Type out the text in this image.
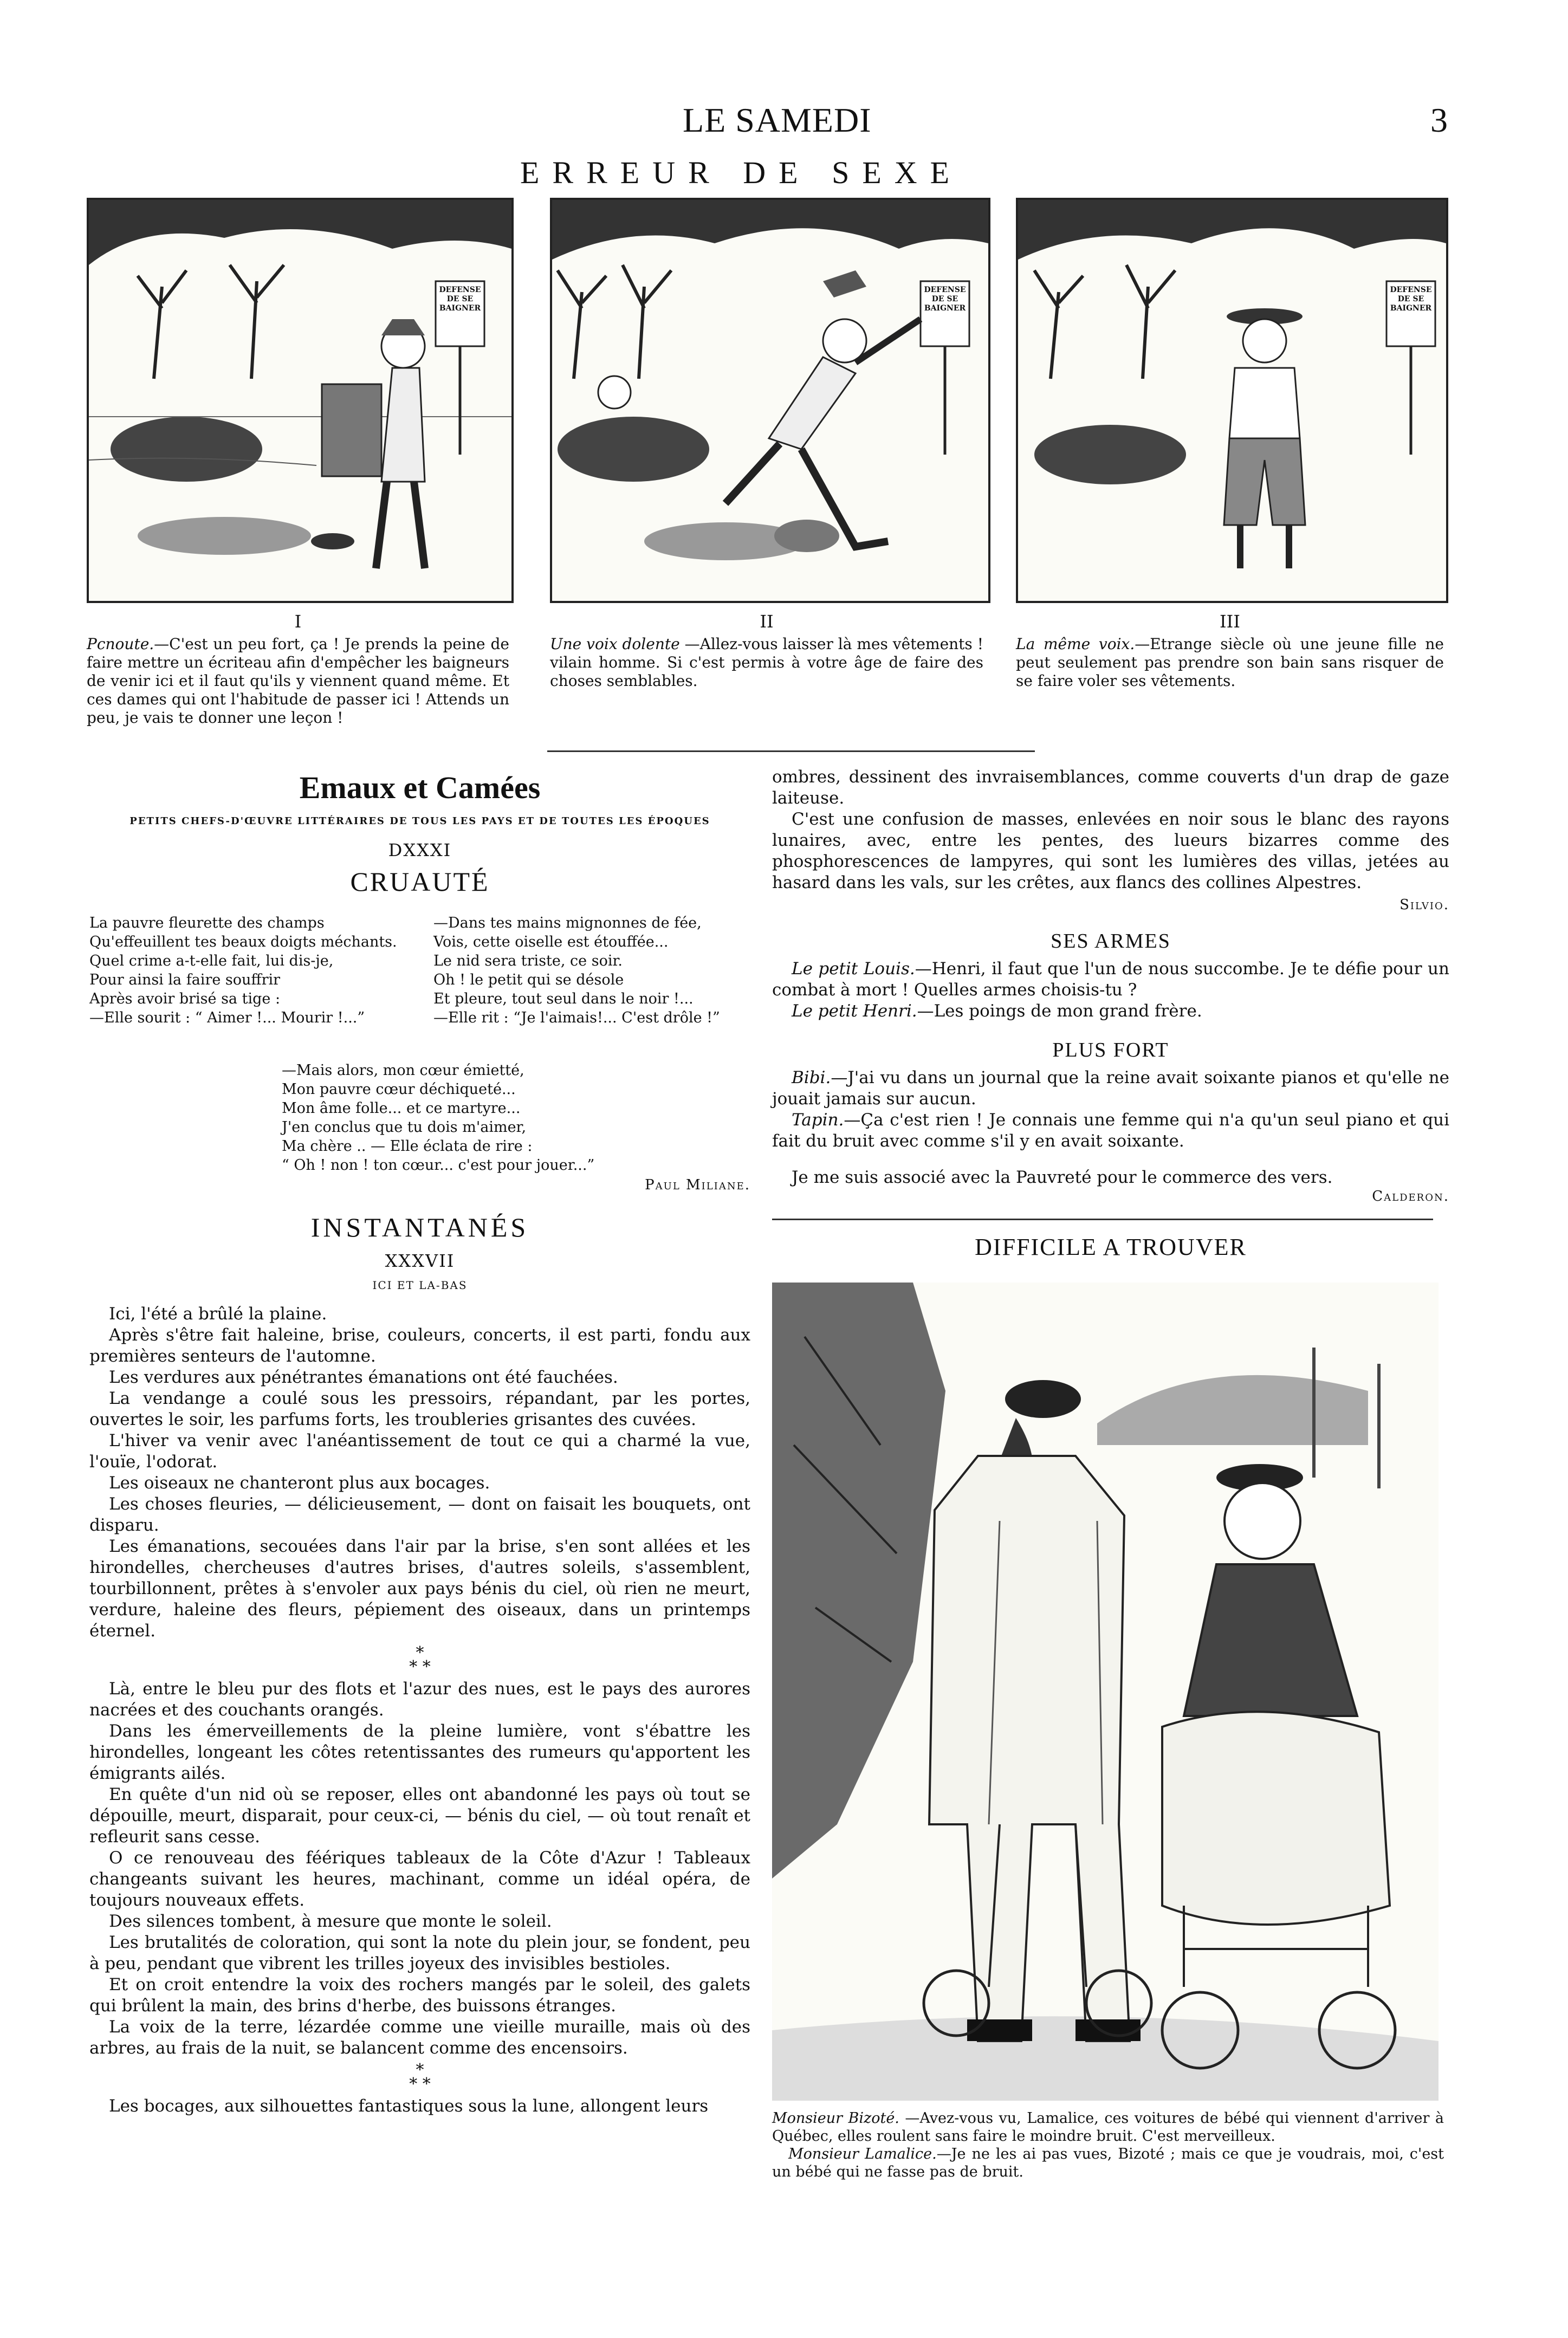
LE SAMEDI	3
ERREUR DE SEXE
DEFENSE DE SE BAIGNER
DEFENSE DE SE BAIGNER
DEFENSE DE SE BAIGNER
I
Pcnoute.—C'est un peu fort, ça ! Je prends la peine de faire mettre un écriteau afin d'empêcher les baigneurs de venir ici et il faut qu'ils y viennent quand même. Et ces dames qui ont l'habitude de passer ici ! Attends un peu, je vais te donner une leçon !
II
Une voix dolente —Allez-vous laisser là mes vêtements ! vilain homme. Si c'est permis à votre âge de faire des choses semblables.
III
La même voix.—Etrange siècle où une jeune fille ne peut seulement pas prendre son bain sans risquer de se faire voler ses vêtements.
Emaux et Camées
PETITS CHEFS-D'ŒUVRE LITTÉRAIRES DE TOUS LES PAYS ET DE TOUTES LES ÉPOQUES
DXXXI
CRUAUTÉ
La pauvre fleurette des champs
Qu'effeuillent tes beaux doigts méchants.
Quel crime a-t-elle fait, lui dis-je,
Pour ainsi la faire souffrir
Après avoir brisé sa tige :
—Elle sourit : “ Aimer !... Mourir !...”
—Dans tes mains mignonnes de fée,
Vois, cette oiselle est étouffée...
Le nid sera triste, ce soir.
Oh ! le petit qui se désole
Et pleure, tout seul dans le noir !...
—Elle rit : “Je l'aimais!... C'est drôle !”
—Mais alors, mon cœur émietté,
Mon pauvre cœur déchiqueté...
Mon âme folle... et ce martyre...
J'en conclus que tu dois m'aimer,
Ma chère .. — Elle éclata de rire :
“ Oh ! non ! ton cœur... c'est pour jouer...”
Paul Miliane.
INSTANTANÉS
XXXVII
ICI ET LA-BAS

Ici, l'été a brûlé la plaine.

Après s'être fait haleine, brise, couleurs, concerts, il est parti, fondu aux premières senteurs de l'automne.

Les verdures aux pénétrantes émanations ont été fauchées.

La vendange a coulé sous les pressoirs, répandant, par les portes, ouvertes le soir, les parfums forts, les troubleries grisantes des cuvées.

L'hiver va venir avec l'anéantissement de tout ce qui a charmé la vue, l'ouïe, l'odorat.

Les oiseaux ne chanteront plus aux bocages.

Les choses fleuries, — délicieusement, — dont on faisait les bouquets, ont disparu.

Les émanations, secouées dans l'air par la brise, s'en sont allées et les hirondelles, chercheuses d'autres brises, d'autres soleils, s'assemblent, tourbillonnent, prêtes à s'envoler aux pays bénis du ciel, où rien ne meurt, verdure, haleine des fleurs, pépiement des oiseaux, dans un printemps éternel.

*
* *

Là, entre le bleu pur des flots et l'azur des nues, est le pays des aurores nacrées et des couchants orangés.

Dans les émerveillements de la pleine lumière, vont s'ébattre les hirondelles, longeant les côtes retentissantes des rumeurs qu'apportent les émigrants ailés.

En quête d'un nid où se reposer, elles ont abandonné les pays où tout se dépouille, meurt, disparait, pour ceux-ci, — bénis du ciel, — où tout renaît et refleurit sans cesse.

O ce renouveau des féériques tableaux de la Côte d'Azur ! Tableaux changeants suivant les heures, machinant, comme un idéal opéra, de toujours nouveaux effets.

Des silences tombent, à mesure que monte le soleil.

Les brutalités de coloration, qui sont la note du plein jour, se fondent, peu à peu, pendant que vibrent les trilles joyeux des invisibles bestioles.

Et on croit entendre la voix des rochers mangés par le soleil, des galets qui brûlent la main, des brins d'herbe, des buissons étranges.

La voix de la terre, lézardée comme une vieille muraille, mais où des arbres, au frais de la nuit, se balancent comme des encensoirs.

*
* *

Les bocages, aux silhouettes fantastiques sous la lune, allongent leurs

ombres, dessinent des invraisemblances, comme couverts d'un drap de gaze laiteuse.

C'est une confusion de masses, enlevées en noir sous le blanc des rayons lunaires, avec, entre les pentes, des lueurs bizarres comme des phosphorescences de lampyres, qui sont les lumières des villas, jetées au hasard dans les vals, sur les crêtes, aux flancs des collines Alpestres.

Silvio.
SES ARMES

Le petit Louis.—Henri, il faut que l'un de nous succombe. Je te défie pour un combat à mort ! Quelles armes choisis-tu ?

Le petit Henri.—Les poings de mon grand frère.

PLUS FORT

Bibi.—J'ai vu dans un journal que la reine avait soixante pianos et qu'elle ne jouait jamais sur aucun.

Tapin.—Ça c'est rien ! Je connais une femme qui n'a qu'un seul piano et qui fait du bruit avec comme s'il y en avait soixante.

Je me suis associé avec la Pauvreté pour le commerce des vers.

Calderon.
DIFFICILE A TROUVER
Monsieur Bizoté. —Avez-vous vu, Lamalice, ces voitures de bébé qui viennent d'arriver à Québec, elles roulent sans faire le moindre bruit. C'est merveilleux.
Monsieur Lamalice.—Je ne les ai pas vues, Bizoté ; mais ce que je voudrais, moi, c'est un bébé qui ne fasse pas de bruit.
